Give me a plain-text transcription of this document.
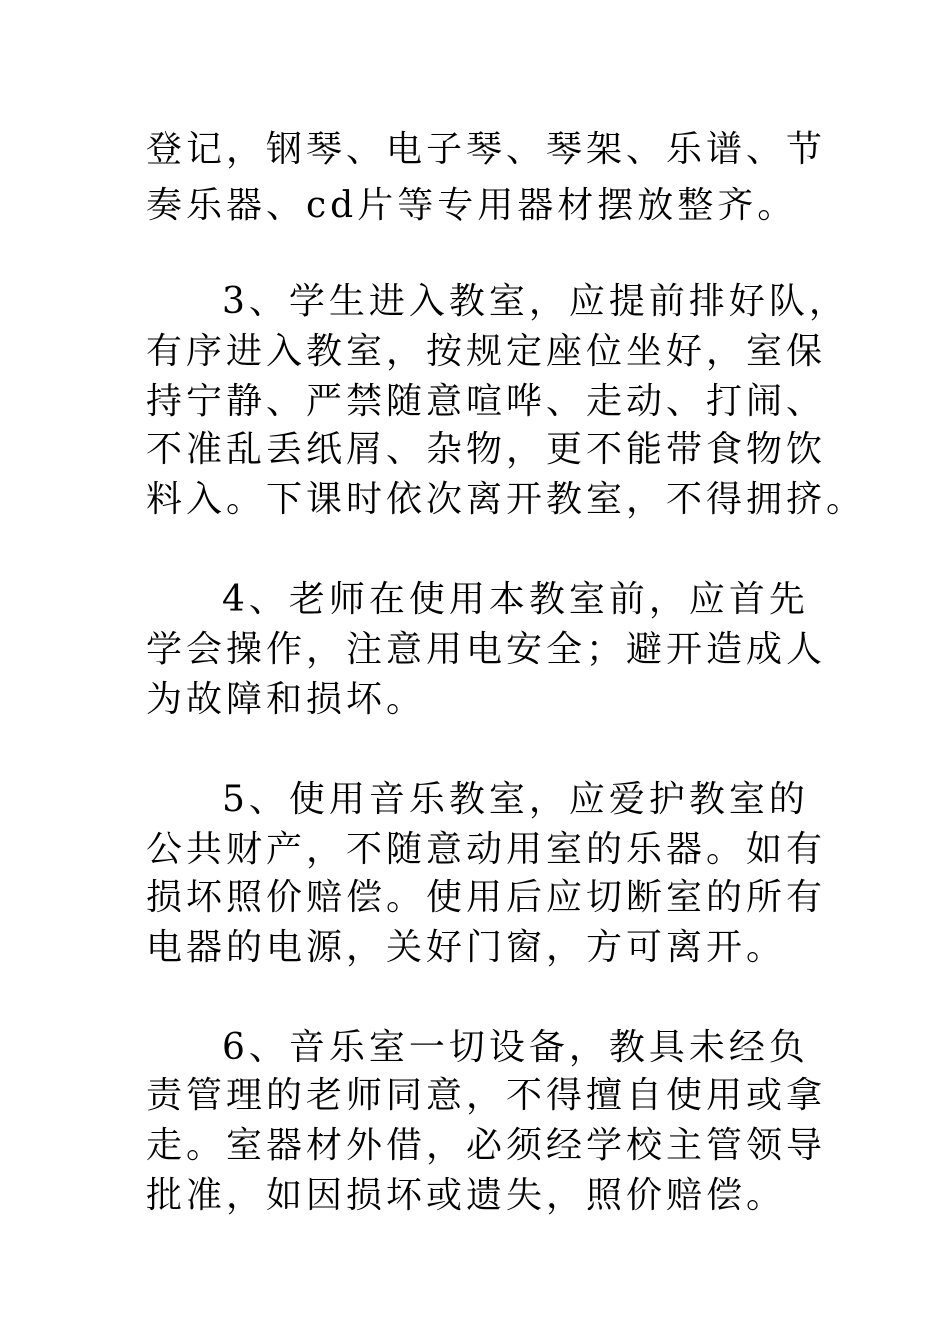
登记，钢琴、电子琴、琴架、乐谱、节
奏乐器、cd片等专用器材摆放整齐。
3、学生进入教室，应提前排好队，
有序进入教室，按规定座位坐好，室保
持宁静、严禁随意喧哗、走动、打闹、
不准乱丢纸屑、杂物，更不能带食物饮
料入。下课时依次离开教室，不得拥挤。
4、老师在使用本教室前，应首先
学会操作，注意用电安全；避开造成人
为故障和损坏。
5、使用音乐教室，应爱护教室的
公共财产，不随意动用室的乐器。如有
损坏照价赔偿。使用后应切断室的所有
电器的电源，关好门窗，方可离开。
6、音乐室一切设备，教具未经负
责管理的老师同意，不得擅自使用或拿
走。室器材外借，必须经学校主管领导
批准，如因损坏或遗失，照价赔偿。
